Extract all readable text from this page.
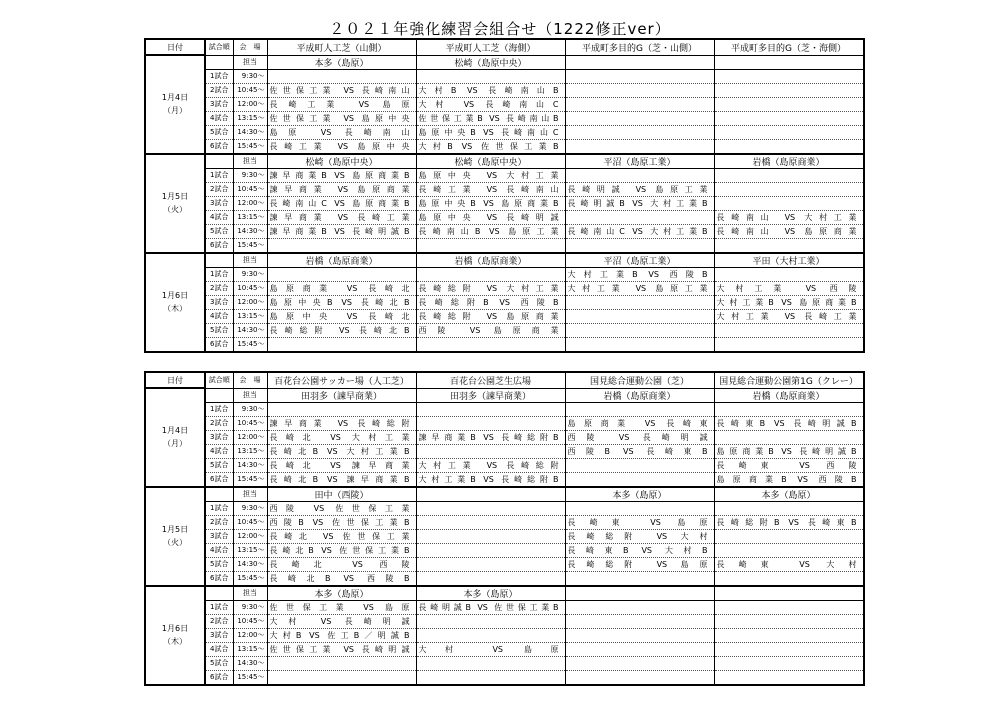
２０２１年強化練習会組合せ（1222修正ver）
日付	試合順	会　場	平成町人工芝（山側）	平成町人工芝（海側）	平成町多目的G（芝・山側）	平成町多目的G（芝・海側）

1月4日
（月）		担当	本多（島原）	松崎（島原中央）		
	1試合	9:30～				
	2試合	10:45～	佐世保工業 VS 長崎南山	大村B VS 長崎南山B		
	3試合	12:00～	長崎工業 VS 島原	大村 VS 長崎南山C		
	4試合	13:15～	佐世保工業 VS 島原中央	佐世保工業B VS 長崎南山B		
	5試合	14:30～	島原 VS 長崎南山	島原中央B VS 長崎南山C		
	6試合	15:45～	長崎工業 VS 島原中央	大村B VS 佐世保工業B		

1月5日
（火）		担当	松崎（島原中央）	松崎（島原中央）	平沼（島原工業）	岩橋（島原商業）
	1試合	9:30～	諫早商業B VS 島原商業B	島原中央 VS 大村工業		
	2試合	10:45～	諫早商業 VS 島原商業	長崎工業 VS 長崎南山	長崎明誠 VS 島原工業	
	3試合	12:00～	長崎南山C VS 島原商業B	島原中央B VS 島原商業B	長崎明誠B VS 大村工業B	
	4試合	13:15～	諫早商業 VS 長崎工業	島原中央 VS 長崎明誠		長崎南山 VS 大村工業
	5試合	14:30～	諫早商業B VS 長崎明誠B	長崎南山B VS 島原工業	長崎南山C VS 大村工業B	長崎南山 VS 島原商業
	6試合	15:45～				

1月6日
（木）		担当	岩橋（島原商業）	岩橋（島原商業）	平沼（島原工業）	平田（大村工業）
	1試合	9:30～			大村工業B VS 西陵B	
	2試合	10:45～	島原商業 VS 長崎北	長崎総附 VS 大村工業	大村工業 VS 島原工業	大村工業 VS 西陵
	3試合	12:00～	島原中央B VS 長崎北B	長崎総附B VS 西陵B		大村工業B VS 島原商業B
	4試合	13:15～	島原中央 VS 長崎北	長崎総附 VS 島原商業		大村工業 VS 長崎工業
	5試合	14:30～	長崎総附 VS 長崎北B	西陵 VS 島原商業		
	6試合	15:45～				
日付	試合順	会　場	百花台公園サッカー場（人工芝）	百花台公園芝生広場	国見総合運動公園（芝）	国見総合運動公園第1G（クレー）

1月4日
（月）		担当	田羽多（諫早商業）	田羽多（諫早商業）	岩橋（島原商業）	岩橋（島原商業）
	1試合	9:30～				
	2試合	10:45～	諫早商業 VS 長崎総附		島原商業 VS 長崎東	長崎東B VS 長崎明誠B
	3試合	12:00～	長崎北 VS 大村工業	諫早商業B VS 長崎総附B	西陵 VS 長崎明誠	
	4試合	13:15～	長崎北B VS 大村工業B		西陵B VS 長崎東B	島原商業B VS 長崎明誠B
	5試合	14:30～	長崎北 VS 諫早商業	大村工業 VS 長崎総附		長崎東 VS 西陵
	6試合	15:45～	長崎北B VS 諫早商業B	大村工業B VS 長崎総附B		島原商業B VS 西陵B

1月5日
（火）		担当	田中（西陵）		本多（島原）	本多（島原）
	1試合	9:30～	西陵 VS 佐世保工業			
	2試合	10:45～	西陵B VS 佐世保工業B		長崎東 VS 島原	長崎総附B VS 長崎東B
	3試合	12:00～	長崎北 VS 佐世保工業		長崎総附 VS 大村	
	4試合	13:15～	長崎北B VS 佐世保工業B		長崎東B VS 大村B	
	5試合	14:30～	長崎北 VS 西陵		長崎総附 VS 島原	長崎東 VS 大村
	6試合	15:45～	長崎北B VS 西陵B			

1月6日
（木）		担当	本多（島原）	本多（島原）		
	1試合	9:30～	佐世保工業 VS 島原	長崎明誠B VS 佐世保工業B		
	2試合	10:45～	大村 VS 長崎明誠			
	3試合	12:00～	大村B VS 佐工B／明誠B			
	4試合	13:15～	佐世保工業 VS 長崎明誠	大村 VS 島原		
	5試合	14:30～				
	6試合	15:45～				
